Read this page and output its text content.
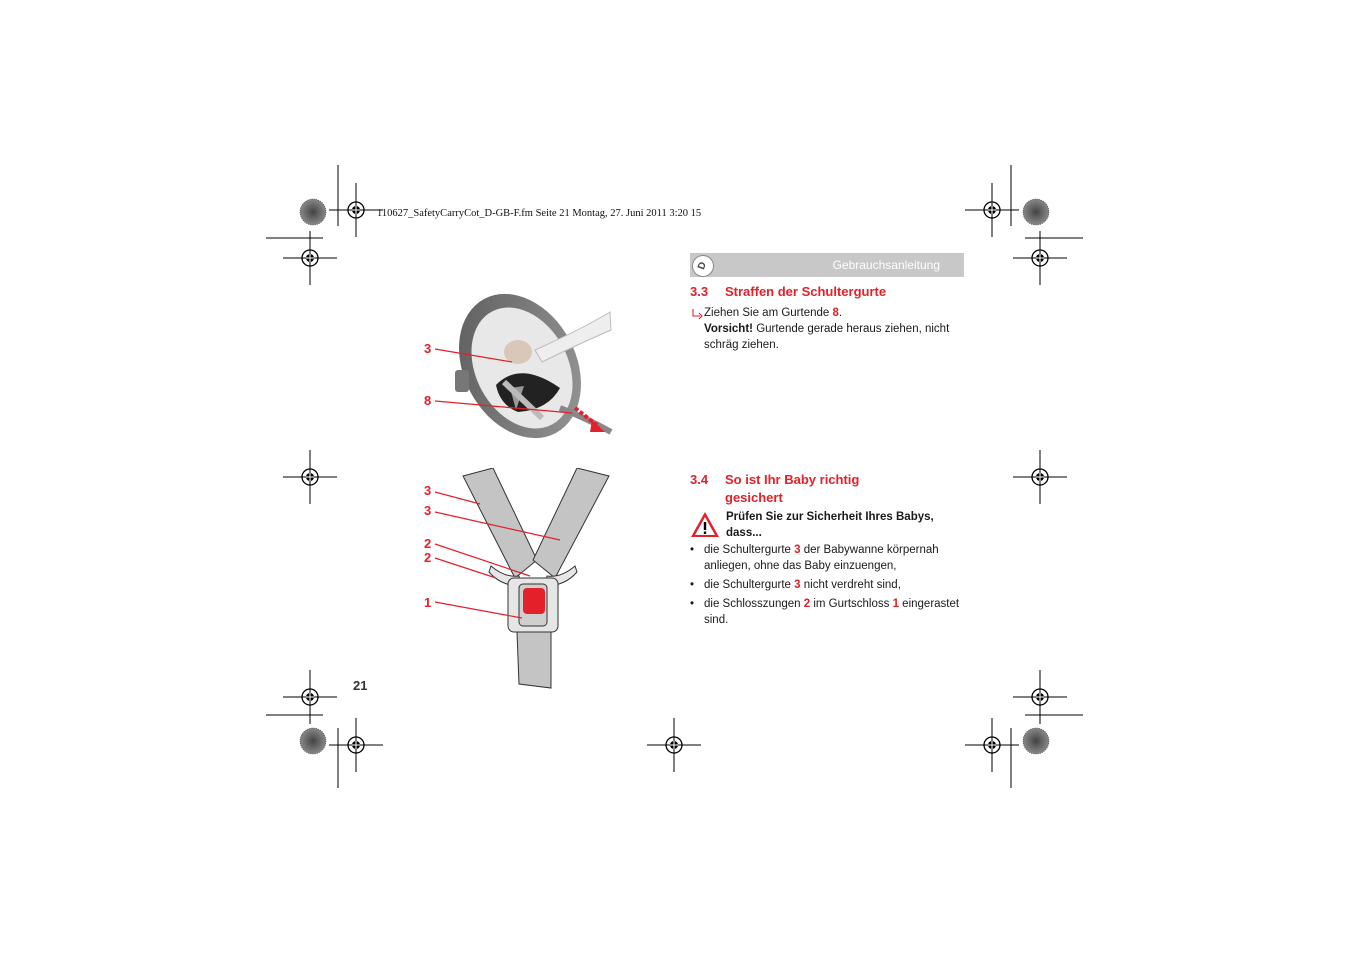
110627_SafetyCarryCot_D-GB-F.fm Seite 21 Montag, 27. Juni 2011 3:20 15
D	Gebrauchsanleitung
3
8
3
3
2
2
1
3.3 Straffen der Schultergurte
Ziehen Sie am Gurtende 8.
Vorsicht! Gurtende gerade heraus ziehen, nicht schräg ziehen.
3.4 So ist Ihr Baby richtig gesichert
Prüfen Sie zur Sicherheit Ihres Babys, dass...
• die Schultergurte 3 der Babywanne körpernah anliegen, ohne das Baby einzuengen,
• die Schultergurte 3 nicht verdreht sind,
• die Schlosszungen 2 im Gurtschloss 1 eingerastet sind.
21
